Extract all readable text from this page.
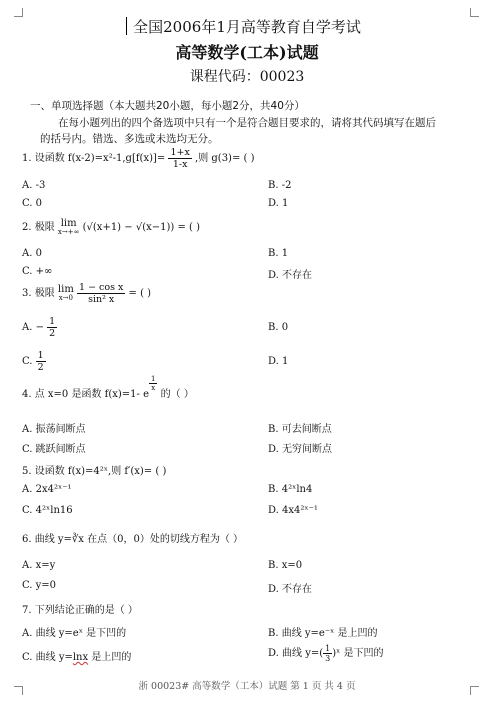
全国2006年1月高等教育自学考试
高等数学(工本)试题
课程代码：00023
一、单项选择题（本大题共20小题，每小题2分，共40分）
在每小题列出的四个备选项中只有一个是符合题目要求的，请将其代码填写在题后
的括号内。错选、多选或未选均无分。
1. 设函数 $f(x-2)=x^2-1,g[f(x)]= \frac{1+x}{1-x}$ ,则 g(3)= ( )
A. -3	B. -2
C. 0	D. 1
2. 极限 lim
x→+∞ (√(x+1) − √(x−1)) = ( )
A. 0	B. 1
C. +∞	D. 不存在
3. 极限 lim
x→0
$\frac{\text{1 − cos x}}{\text{sin² x}}$ = ( )
A. − $\frac{1}{2}$	B. 0
C. $\frac{1}{2}$	D. 1
4. 点 x=0 是函数 f(x)=1- e
$\frac{1}{x}$
的（ ）
A. 振荡间断点	B. 可去间断点
C. 跳跃间断点	D. 无穷间断点
5. 设函数 f(x)=4²ˣ,则 f′(x)= ( )
A. 2x4²ˣ⁻¹	B. 4²ˣln4
C. 4²ˣln16	D. 4x4²ˣ⁻¹
6. 曲线 y=∛x 在点（0，0）处的切线方程为（ ）
A. x=y	B. x=0
C. y=0	D. 不存在
7. 下列结论正确的是（ ）
A. 曲线 y=eˣ 是下凹的	B. 曲线 y=e⁻ˣ 是上凹的
C. 曲线 y=lnx 是上凹的	D. 曲线 $y=( \frac{1}{3}$ )ˣ 是下凹的
浙 00023# 高等数学（工本）试题 第 1 页 共 4 页
